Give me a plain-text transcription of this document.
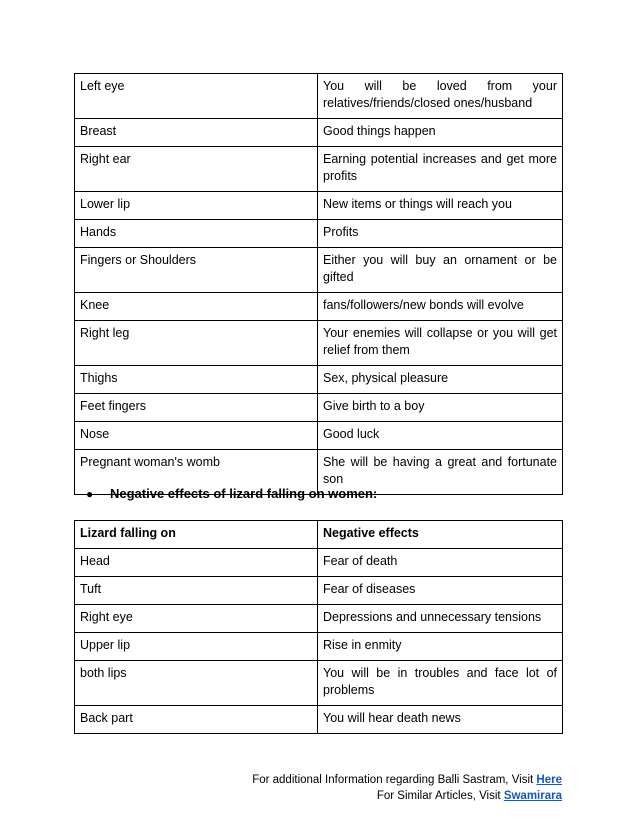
Left eye	You will be loved from your relatives/friends/closed ones/husband
Breast	Good things happen
Right ear	Earning potential increases and get more profits
Lower lip	New items or things will reach you
Hands	Profits
Fingers or Shoulders	Either you will buy an ornament or be gifted
Knee	fans/followers/new bonds will evolve
Right leg	Your enemies will collapse or you will get relief from them
Thighs	Sex, physical pleasure
Feet fingers	Give birth to a boy
Nose	Good luck
Pregnant woman's womb	She will be having a great and fortunate son
● Negative effects of lizard falling on women:
Lizard falling on	Negative effects
Head	Fear of death
Tuft	Fear of diseases
Right eye	Depressions and unnecessary tensions
Upper lip	Rise in enmity
both lips	You will be in troubles and face lot of problems
Back part	You will hear death news
For additional Information regarding Balli Sastram, Visit Here
For Similar Articles, Visit Swamirara
